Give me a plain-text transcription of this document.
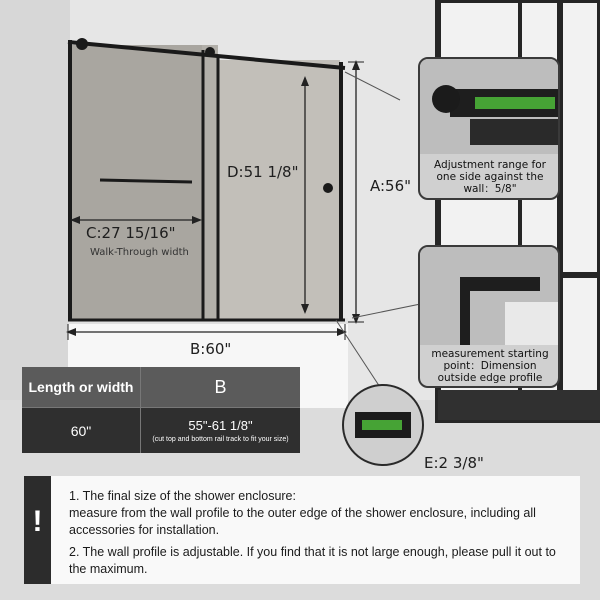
D:51 1/8"
A:56"
C:27 15/16"
Walk-Through width
B:60"
E:2 3/8"
Adjustment range for one side against the wall：5/8"
measurement starting point：Dimension outside edge profile
Length or width	B
60"	55"-61 1/8"
(cut top and bottom rail track to fit your size)
!
1. The final size of the shower enclosure:
measure from the wall profile to the outer edge of the shower enclosure, including all accessories for installation.
2. The wall profile is adjustable. If you find that it is not large enough, please pull it out to the maximum.
